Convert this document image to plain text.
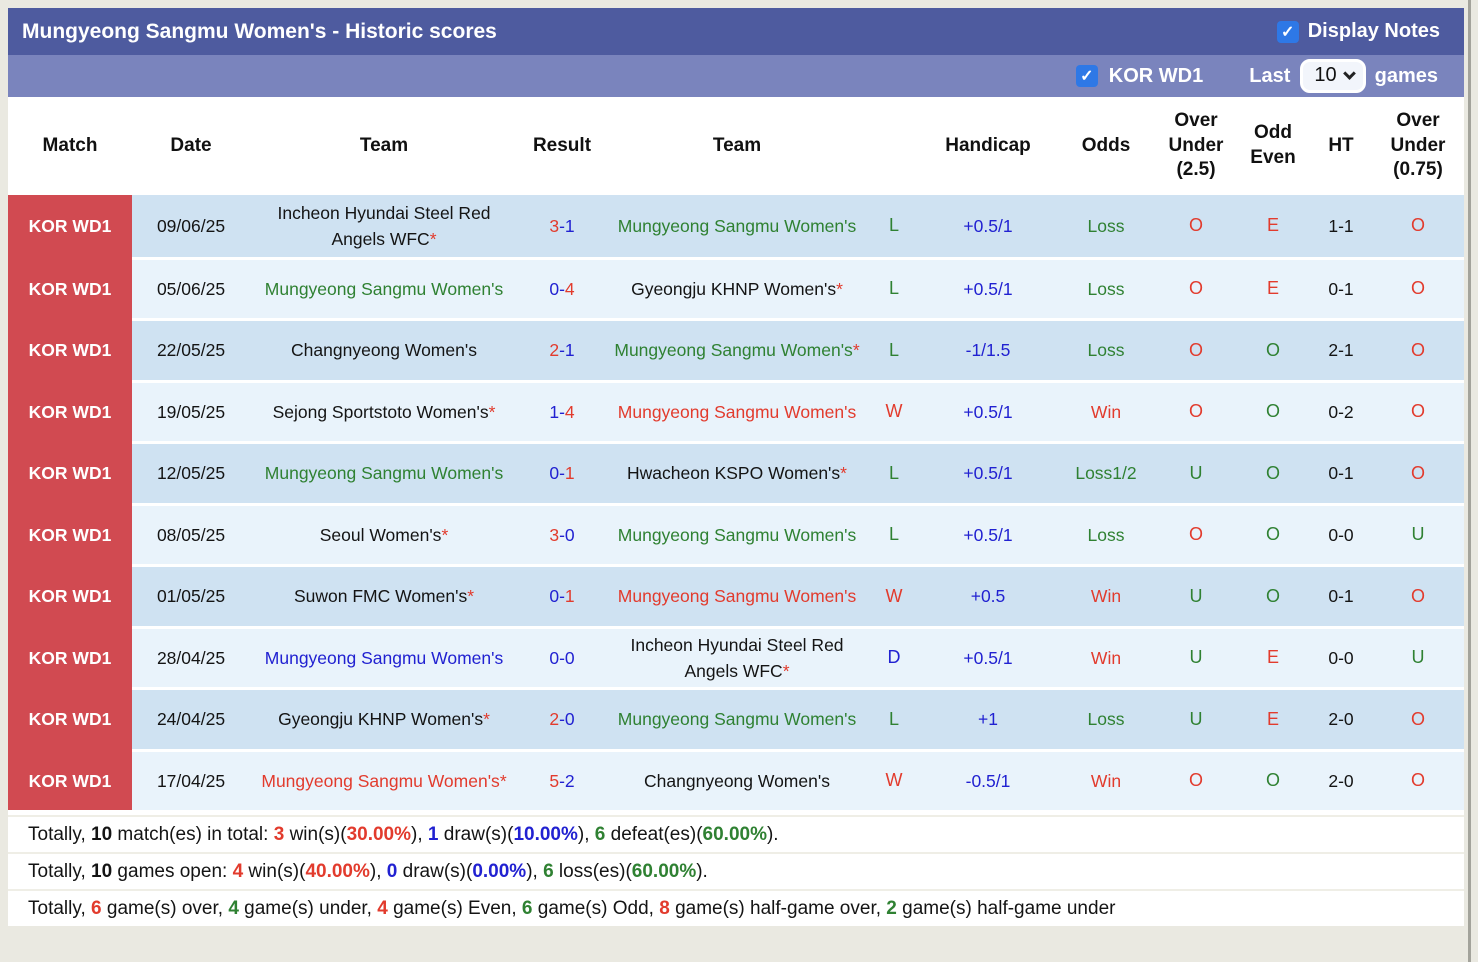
Mungyeong Sangmu Women's - Historic scores	✓ Display Notes
✓ KOR WD1 Last 10 games
Match	Date	Team	Result	Team		Handicap	Odds	Over Under (2.5)	Odd Even	HT	Over Under (0.75)
KOR WD1	09/06/25	Incheon Hyundai Steel Red Angels WFC*	3-1	Mungyeong Sangmu Women's	L	+0.5/1	Loss	O	E	1-1	O
KOR WD1	05/06/25	Mungyeong Sangmu Women's	0-4	Gyeongju KHNP Women's*	L	+0.5/1	Loss	O	E	0-1	O
KOR WD1	22/05/25	Changnyeong Women's	2-1	Mungyeong Sangmu Women's*	L	-1/1.5	Loss	O	O	2-1	O
KOR WD1	19/05/25	Sejong Sportstoto Women's*	1-4	Mungyeong Sangmu Women's	W	+0.5/1	Win	O	O	0-2	O
KOR WD1	12/05/25	Mungyeong Sangmu Women's	0-1	Hwacheon KSPO Women's*	L	+0.5/1	Loss1/2	U	O	0-1	O
KOR WD1	08/05/25	Seoul Women's*	3-0	Mungyeong Sangmu Women's	L	+0.5/1	Loss	O	O	0-0	U
KOR WD1	01/05/25	Suwon FMC Women's*	0-1	Mungyeong Sangmu Women's	W	+0.5	Win	U	O	0-1	O
KOR WD1	28/04/25	Mungyeong Sangmu Women's	0-0	Incheon Hyundai Steel Red Angels WFC*	D	+0.5/1	Win	U	E	0-0	U
KOR WD1	24/04/25	Gyeongju KHNP Women's*	2-0	Mungyeong Sangmu Women's	L	+1	Loss	U	E	2-0	O
KOR WD1	17/04/25	Mungyeong Sangmu Women's*	5-2	Changnyeong Women's	W	-0.5/1	Win	O	O	2-0	O
Totally, 10 match(es) in total: 3 win(s)(30.00%), 1 draw(s)(10.00%), 6 defeat(es)(60.00%).
Totally, 10 games open: 4 win(s)(40.00%), 0 draw(s)(0.00%), 6 loss(es)(60.00%).
Totally, 6 game(s) over, 4 game(s) under, 4 game(s) Even, 6 game(s) Odd, 8 game(s) half-game over, 2 game(s) half-game under
